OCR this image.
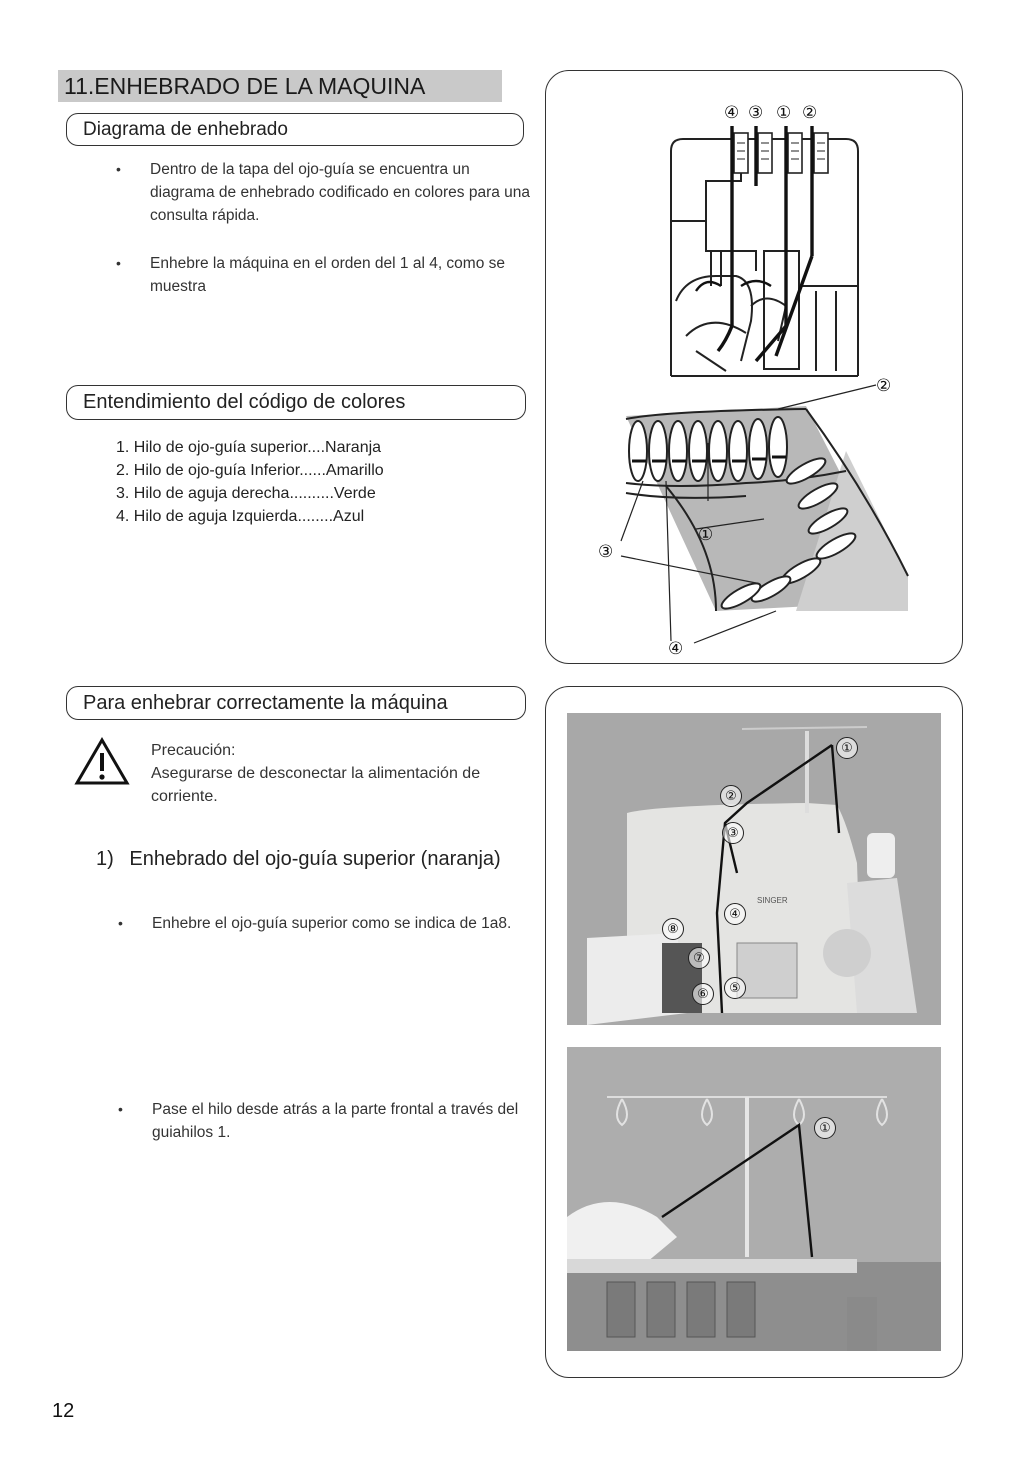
11.ENHEBRADO DE LA MAQUINA
Diagrama de enhebrado
• Dentro de la tapa del ojo-guía se encuentra un diagrama de enhebrado codificado en colores para una consulta rápida.
• Enhebre la máquina en el orden del 1 al 4, como se muestra
Entendimiento del código de colores
1. Hilo de ojo-guía superior....Naranja
2. Hilo de ojo-guía Inferior......Amarillo
3. Hilo de aguja derecha..........Verde
4. Hilo de aguja Izquierda........Azul
④ ③ ① ②
②
①
③
④
Para enhebrar correctamente la máquina
Precaución:
Asegurarse de desconectar la alimentación de corriente.
1) Enhebrado del ojo-guía superior (naranja)
• Enhebre el ojo-guía superior como se indica de 1a8.
• Pase el hilo desde atrás a la parte frontal a través del guiahilos 1.
SINGER
①
②
③
④
⑤
⑥
⑦
⑧
①
12
